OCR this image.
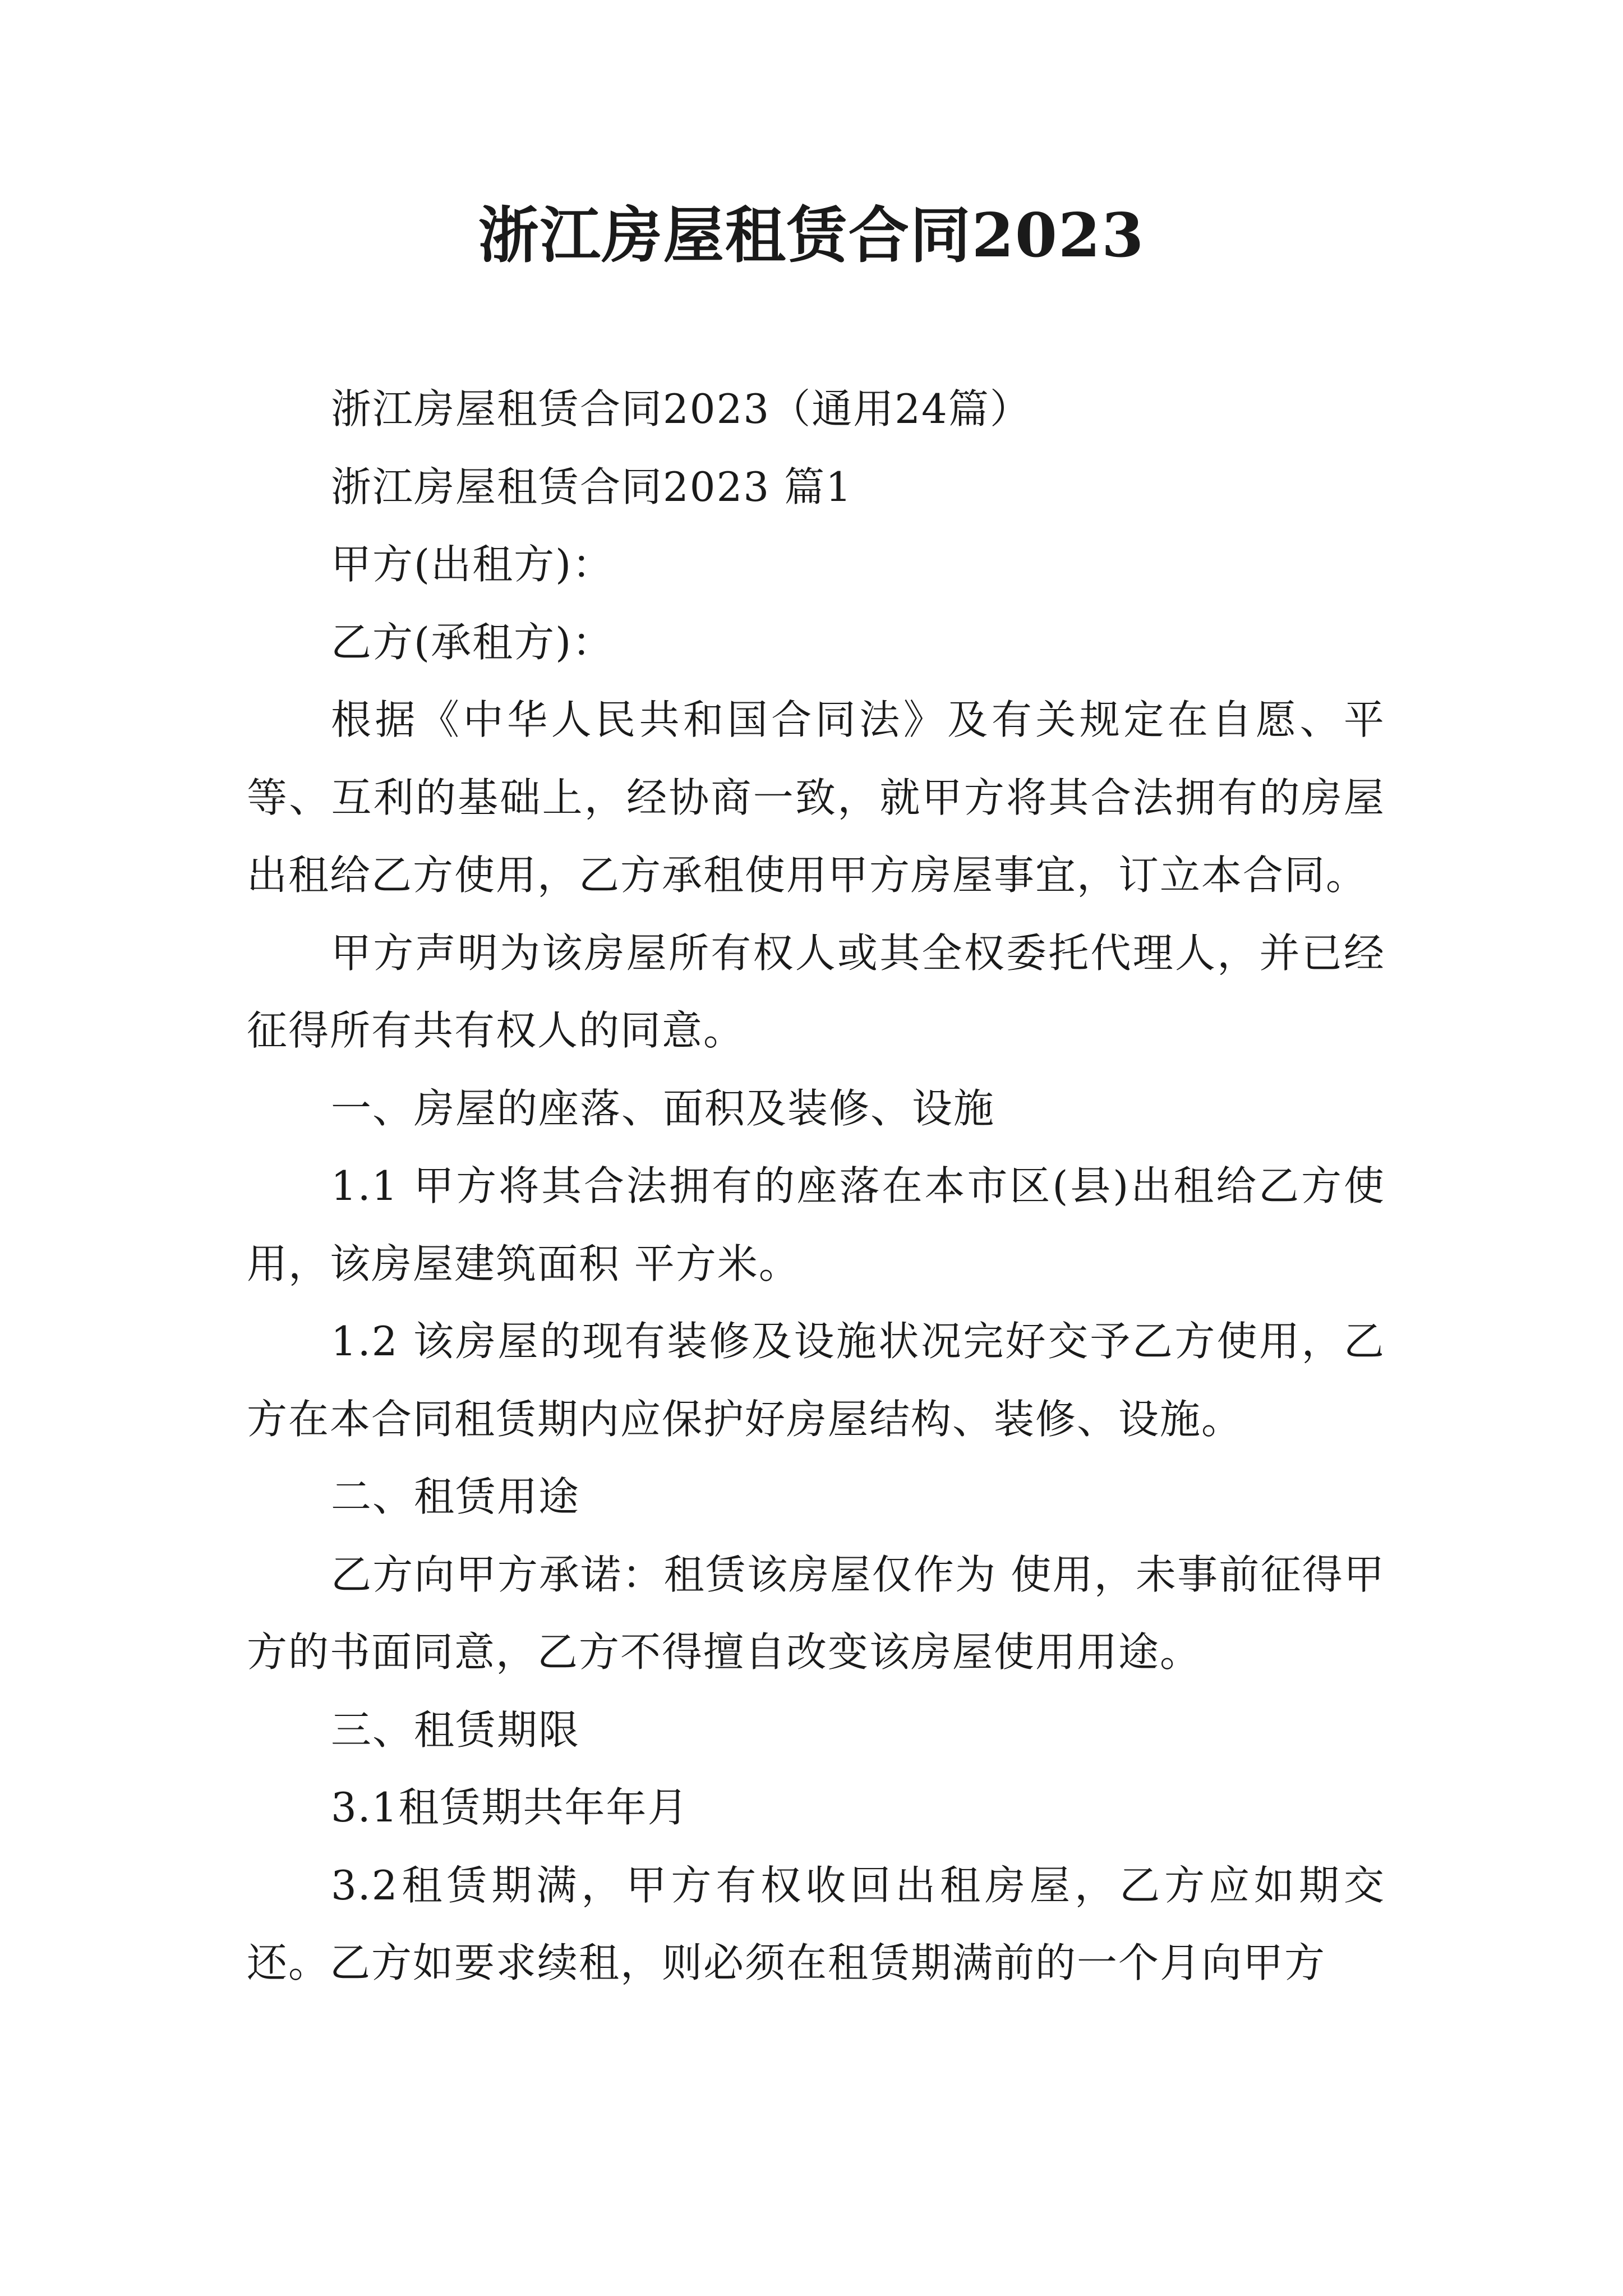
浙江房屋租赁合同2023

浙江房屋租赁合同2023（通用24篇）

浙江房屋租赁合同2023 篇1

甲方(出租方)：

乙方(承租方)：

根据《中华人民共和国合同法》及有关规定在自愿、平等、互利的基础上，经协商一致，就甲方将其合法拥有的房屋出租给乙方使用，乙方承租使用甲方房屋事宜，订立本合同。

甲方声明为该房屋所有权人或其全权委托代理人，并已经征得所有共有权人的同意。

一、房屋的座落、面积及装修、设施

1.1 甲方将其合法拥有的座落在本市区(县)出租给乙方使用，该房屋建筑面积 平方米。

1.2 该房屋的现有装修及设施状况完好交予乙方使用，乙方在本合同租赁期内应保护好房屋结构、装修、设施。

二、租赁用途

乙方向甲方承诺：租赁该房屋仅作为 使用，未事前征得甲方的书面同意，乙方不得擅自改变该房屋使用用途。

三、租赁期限

3.1租赁期共年年月

3.2租赁期满，甲方有权收回出租房屋，乙方应如期交还。乙方如要求续租，则必须在租赁期满前的一个月向甲方
